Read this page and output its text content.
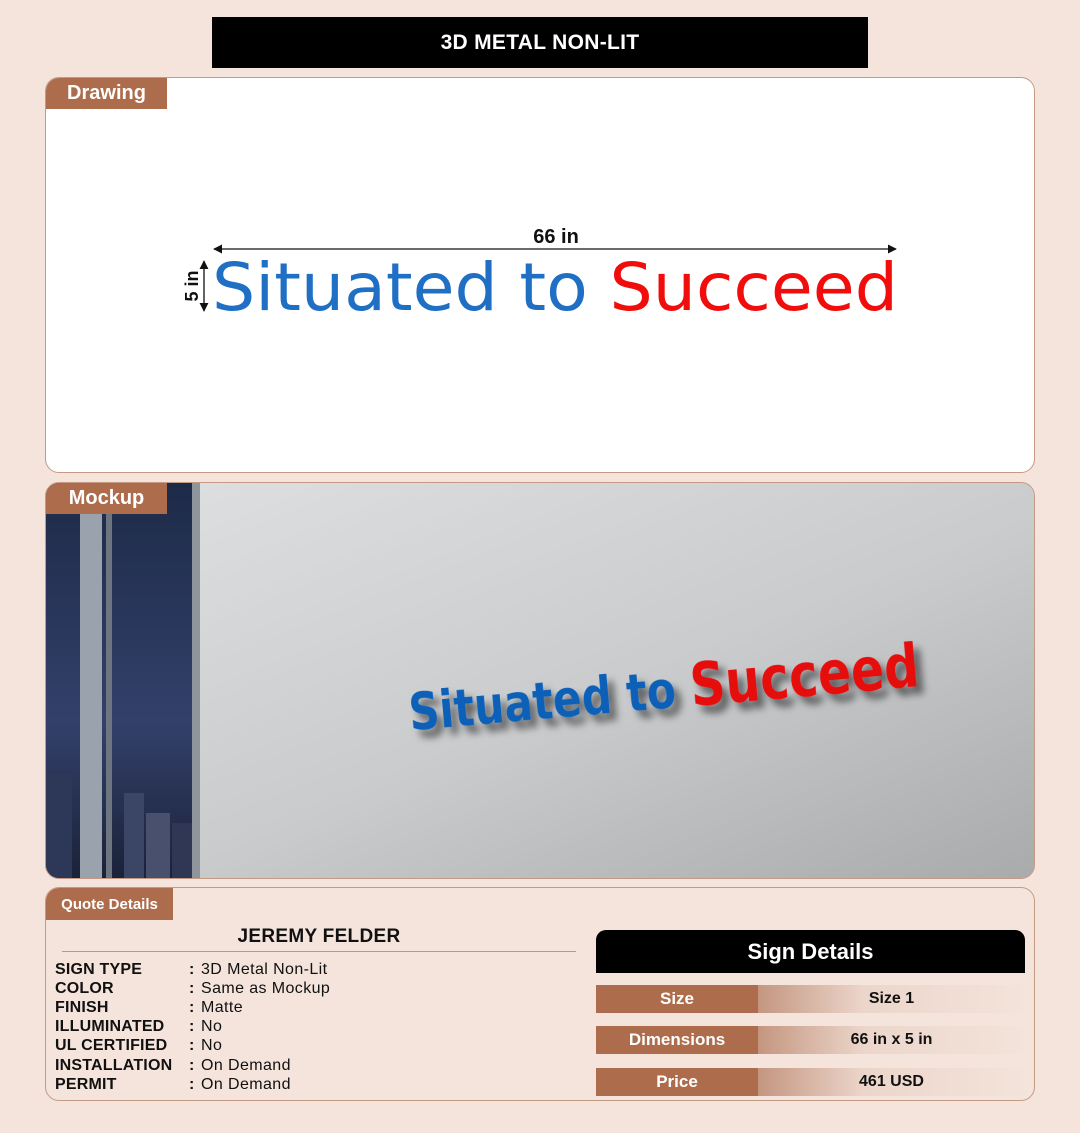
3D METAL NON-LIT
Drawing
66 in
5 in Situated to Succeed
Situated to Succeed
Mockup
Quote Details
JEREMY FELDER
SIGN TYPE	: 3D Metal Non-Lit
COLOR	: Same as Mockup
FINISH	: Matte
ILLUMINATED	: No
UL CERTIFIED	: No
INSTALLATION	: On Demand
PERMIT	: On Demand
Sign Details
Size	Size 1
Dimensions	66 in x 5 in
Price	461 USD
